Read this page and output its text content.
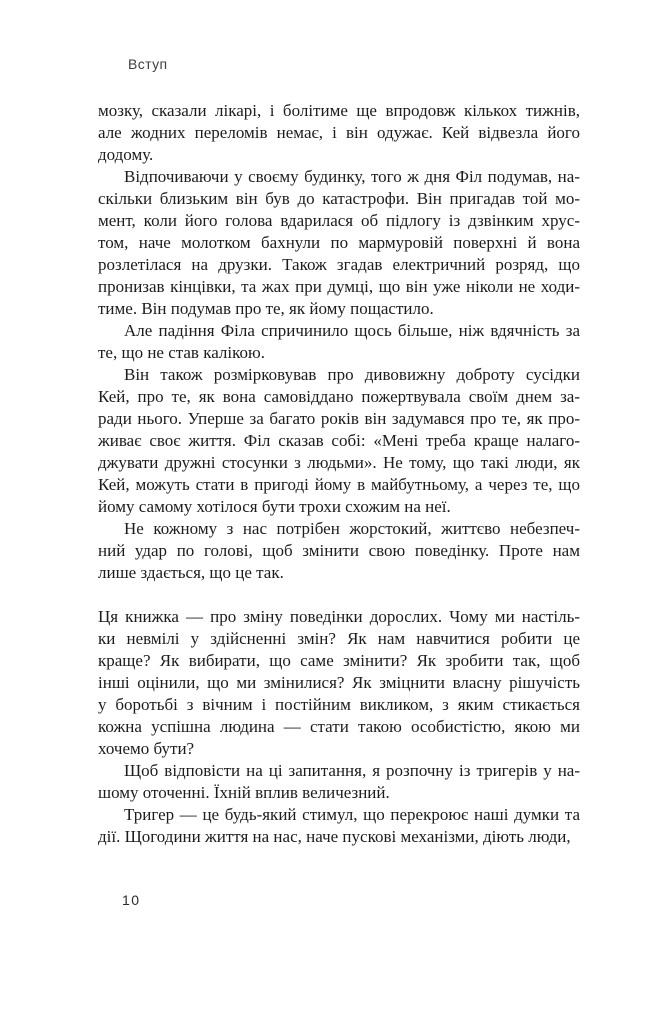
Вступ
мозку, сказали лікарі, і болітиме ще впродовж кількох тижнів,
але жодних переломів немає, і він одужає. Кей відвезла його
додому.
Відпочиваючи у своєму будинку, того ж дня Філ подумав, на-
скільки близьким він був до катастрофи. Він пригадав той мо-
мент, коли його голова вдарилася об підлогу із дзвінким хрус-
том, наче молотком бахнули по мармуровій поверхні й вона
розлетілася на друзки. Також згадав електричний розряд, що
пронизав кінцівки, та жах при думці, що він уже ніколи не ходи-
тиме. Він подумав про те, як йому пощастило.
Але падіння Філа спричинило щось більше, ніж вдячність за
те, що не став калікою.
Він також розмірковував про дивовижну доброту сусідки
Кей, про те, як вона самовіддано пожертвувала своїм днем за-
ради нього. Уперше за багато років він задумався про те, як про-
живає своє життя. Філ сказав собі: «Мені треба краще налаго-
джувати дружні стосунки з людьми». Не тому, що такі люди, як
Кей, можуть стати в пригоді йому в майбутньому, а через те, що
йому самому хотілося бути трохи схожим на неї.
Не кожному з нас потрібен жорстокий, життєво небезпеч-
ний удар по голові, щоб змінити свою поведінку. Проте нам
лише здається, що це так.
Ця книжка — про зміну поведінки дорослих. Чому ми настіль-
ки невмілі у здійсненні змін? Як нам навчитися робити це
краще? Як вибирати, що саме змінити? Як зробити так, щоб
інші оцінили, що ми змінилися? Як зміцнити власну рішучість
у боротьбі з вічним і постійним викликом, з яким стикається
кожна успішна людина — стати такою особистістю, якою ми
хочемо бути?
Щоб відповісти на ці запитання, я розпочну із тригерів у на-
шому оточенні. Їхній вплив величезний.
Тригер — це будь-який стимул, що перекроює наші думки та
дії. Щогодини життя на нас, наче пускові механізми, діють люди,
10
